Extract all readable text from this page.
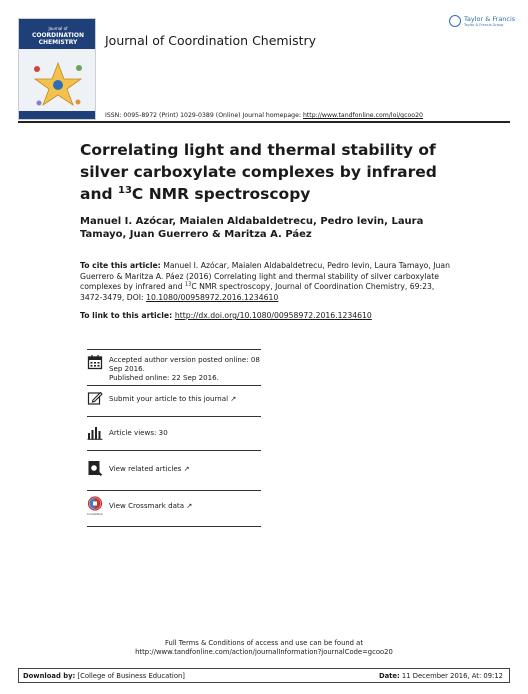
Journal of
COORDINATION CHEMISTRY	Journal of Coordination Chemistry
Taylor & Francis
Taylor & Francis Group
ISSN: 0095-8972 (Print) 1029-0389 (Online) Journal homepage: http://www.tandfonline.com/loi/gcoo20
Correlating light and thermal stability of silver carboxylate complexes by infrared and $^{13}$C NMR spectroscopy
Manuel I. Azócar, Maialen Aldabaldetrecu, Pedro levin, Laura Tamayo, Juan Guerrero & Maritza A. Páez
To cite this article: Manuel I. Azócar, Maialen Aldabaldetrecu, Pedro levin, Laura Tamayo, Juan Guerrero & Maritza A. Páez (2016) Correlating light and thermal stability of silver carboxylate complexes by infrared and $^{13}$C NMR spectroscopy, Journal of Coordination Chemistry, 69:23, 3472-3479, DOI: 10.1080/00958972.2016.1234610
To link to this article: http://dx.doi.org/10.1080/00958972.2016.1234610
Accepted author version posted online: 08 Sep 2016.
Published online: 22 Sep 2016.
Submit your article to this journal ↗
Article views: 30
View related articles ↗
CrossMark
View Crossmark data ↗
Full Terms & Conditions of access and use can be found at
http://www.tandfonline.com/action/journalInformation?journalCode=gcoo20
Download by: [College of Business Education]	Date: 11 December 2016, At: 09:12
